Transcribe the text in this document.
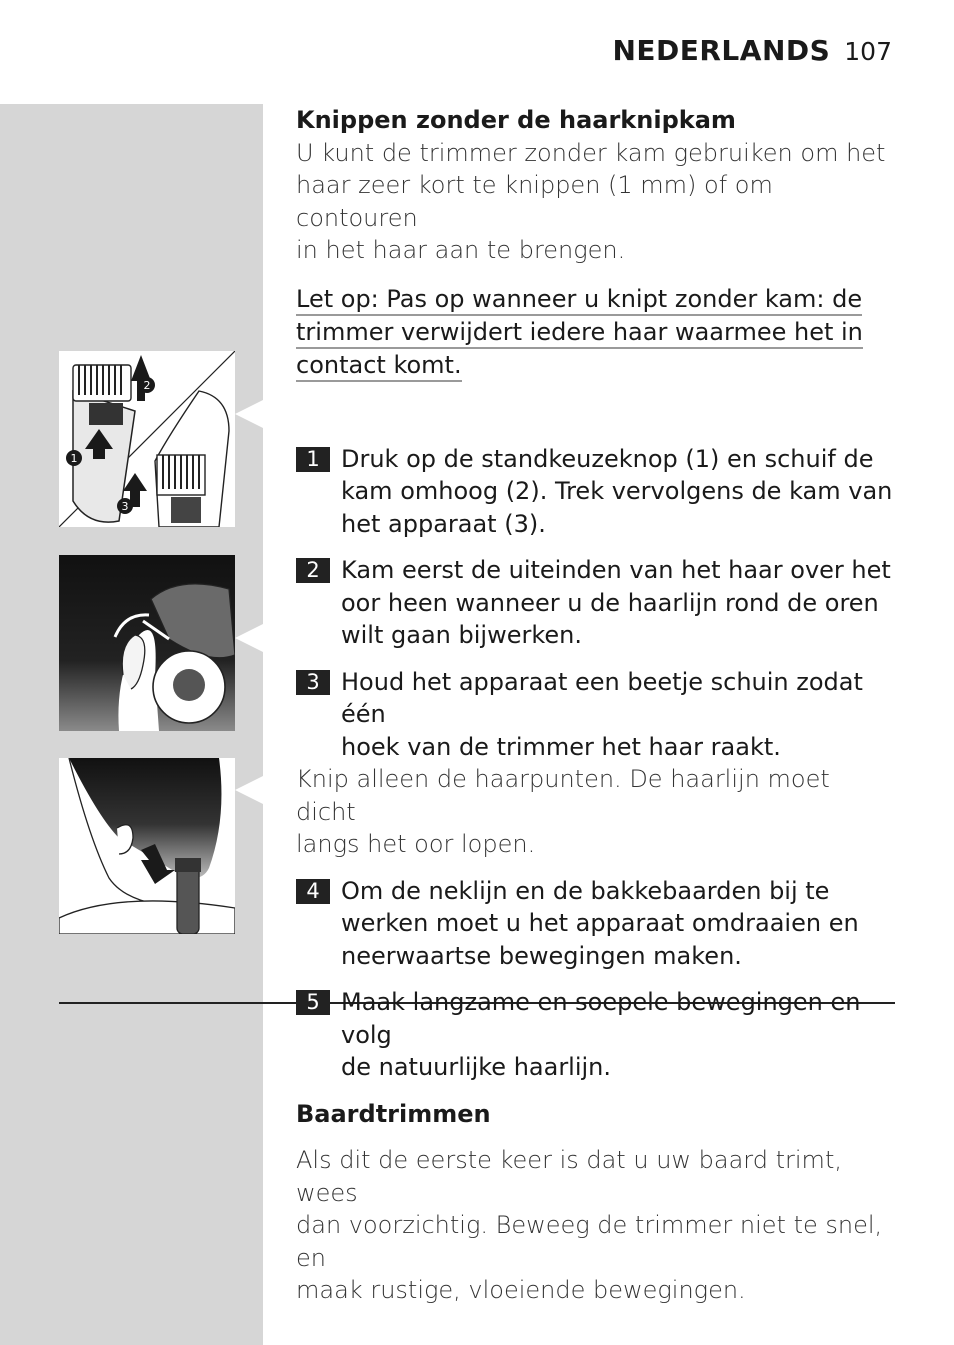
NEDERLANDS 107
2
1
3

Knippen zonder de haarknipkam

U kunt de trimmer zonder kam gebruiken om het
haar zeer kort te knippen (1 mm) of om contouren
in het haar aan te brengen.

Let op: Pas op wanneer u knipt zonder kam: de
trimmer verwijdert iedere haar waarmee het in
contact komt.

1 Druk op de standkeuzeknop (1) en schuif de
kam omhoog (2). Trek vervolgens de kam van
het apparaat (3).

2 Kam eerst de uiteinden van het haar over het
oor heen wanneer u de haarlijn rond de oren
wilt gaan bijwerken.

3 Houd het apparaat een beetje schuin zodat één
hoek van de trimmer het haar raakt.

Knip alleen de haarpunten. De haarlijn moet dicht
langs het oor lopen.

4 Om de neklijn en de bakkebaarden bij te
werken moet u het apparaat omdraaien en
neerwaartse bewegingen maken.

5 Maak langzame en soepele bewegingen en volg
de natuurlijke haarlijn.

Baardtrimmen

Als dit de eerste keer is dat u uw baard trimt, wees
dan voorzichtig. Beweeg de trimmer niet te snel, en
maak rustige, vloeiende bewegingen.
